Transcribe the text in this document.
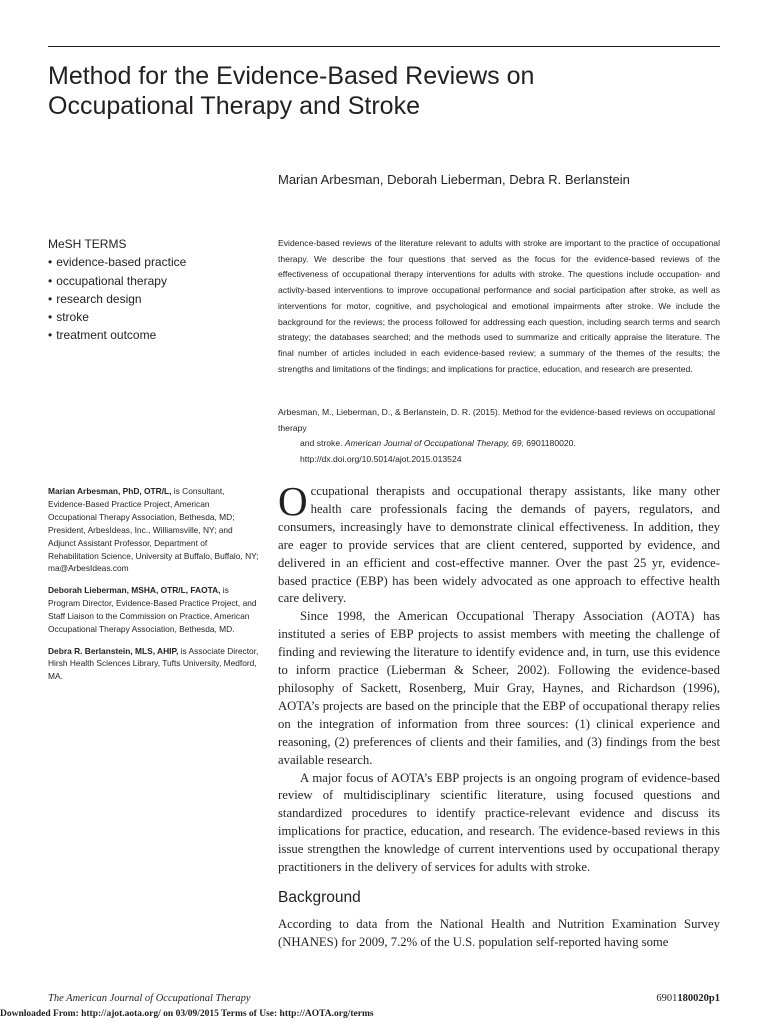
Method for the Evidence-Based Reviews on
Occupational Therapy and Stroke
Marian Arbesman, Deborah Lieberman, Debra R. Berlanstein
MeSH TERMS
• evidence-based practice
• occupational therapy
• research design
• stroke
• treatment outcome
Evidence-based reviews of the literature relevant to adults with stroke are important to the practice of occupational therapy. We describe the four questions that served as the focus for the evidence-based reviews of the effectiveness of occupational therapy interventions for adults with stroke. The questions include occupation- and activity-based interventions to improve occupational performance and social participation after stroke, as well as interventions for motor, cognitive, and psychological and emotional impairments after stroke. We include the background for the reviews; the process followed for addressing each question, including search terms and search strategy; the databases searched; and the methods used to summarize and critically appraise the literature. The final number of articles included in each evidence-based review; a summary of the themes of the results; the strengths and limitations of the findings; and implications for practice, education, and research are presented.
Arbesman, M., Lieberman, D., & Berlanstein, D. R. (2015). Method for the evidence-based reviews on occupational therapy
and stroke. American Journal of Occupational Therapy, 69, 6901180020. http://dx.doi.org/10.5014/ajot.2015.013524

Marian Arbesman, PhD, OTR/L, is Consultant, Evidence-Based Practice Project, American Occupational Therapy Association, Bethesda, MD; President, ArbesIdeas, Inc., Williamsville, NY; and Adjunct Assistant Professor, Department of Rehabilitation Science, University at Buffalo, Buffalo, NY; ma@ArbesIdeas.com

Deborah Lieberman, MSHA, OTR/L, FAOTA, is Program Director, Evidence-Based Practice Project, and Staff Liaison to the Commission on Practice, American Occupational Therapy Association, Bethesda, MD.

Debra R. Berlanstein, MLS, AHIP, is Associate Director, Hirsh Health Sciences Library, Tufts University, Medford, MA.

Occupational therapists and occupational therapy assistants, like many other health care professionals facing the demands of payers, regulators, and consumers, increasingly have to demonstrate clinical effectiveness. In addition, they are eager to provide services that are client centered, supported by evidence, and delivered in an efficient and cost-effective manner. Over the past 25 yr, evidence-based practice (EBP) has been widely advocated as one approach to effective health care delivery.

Since 1998, the American Occupational Therapy Association (AOTA) has instituted a series of EBP projects to assist members with meeting the challenge of finding and reviewing the literature to identify evidence and, in turn, use this evidence to inform practice (Lieberman & Scheer, 2002). Following the evidence-based philosophy of Sackett, Rosenberg, Muir Gray, Haynes, and Richardson (1996), AOTA’s projects are based on the principle that the EBP of occupational therapy relies on the integration of information from three sources: (1) clinical experience and reasoning, (2) preferences of clients and their families, and (3) findings from the best available research.

A major focus of AOTA’s EBP projects is an ongoing program of evidence-based review of multidisciplinary scientific literature, using focused questions and standardized procedures to identify practice-relevant evidence and discuss its implications for practice, education, and research. The evidence-based reviews in this issue strengthen the knowledge of current interventions used by occupational therapy practitioners in the delivery of services for adults with stroke.

Background

According to data from the National Health and Nutrition Examination Survey (NHANES) for 2009, 7.2% of the U.S. population self-reported having some

The American Journal of Occupational Therapy	6901180020p1
Downloaded From: http://ajot.aota.org/ on 03/09/2015 Terms of Use: http://AOTA.org/terms
